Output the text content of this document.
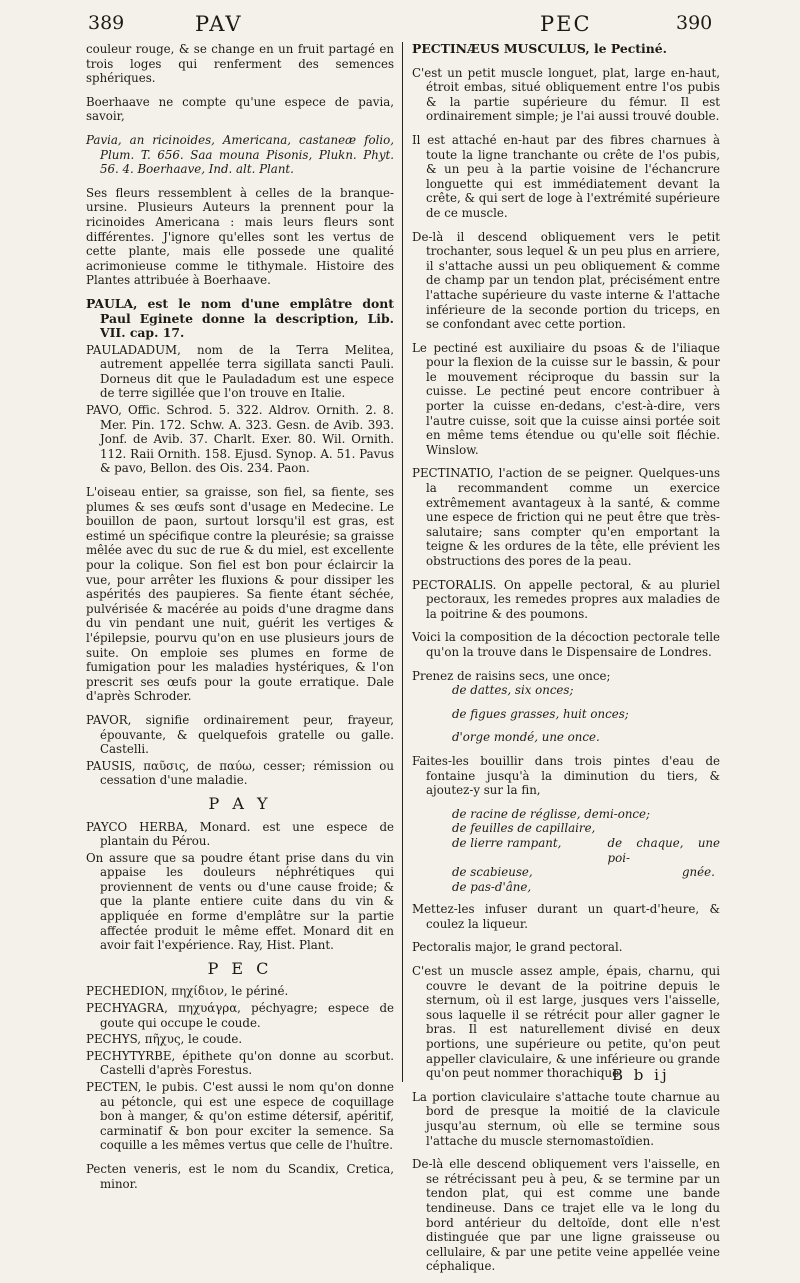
389	PAV	PEC	390

couleur rouge, & se change en un fruit partagé en trois loges qui renferment des semences sphériques.

Boerhaave ne compte qu'une espece de pavia, savoir,

Pavia, an ricinoides, Americana, castaneæ folio, Plum. T. 656. Saa mouna Pisonis, Plukn. Phyt. 56. 4. Boerhaave, Ind. alt. Plant.

Ses fleurs ressemblent à celles de la branque-ursine. Plusieurs Auteurs la prennent pour la ricinoides Americana : mais leurs fleurs sont différentes. J'ignore qu'elles sont les vertus de cette plante, mais elle possede une qualité acrimonieuse comme le tithymale. Histoire des Plantes attribuée à Boerhaave.

PAULA, est le nom d'une emplâtre dont Paul Eginete donne la description, Lib. VII. cap. 17.

PAULADADUM, nom de la Terra Melitea, autrement appellée terra sigillata sancti Pauli. Dorneus dit que le Pauladadum est une espece de terre sigillée que l'on trouve en Italie.

PAVO, Offic. Schrod. 5. 322. Aldrov. Ornith. 2. 8. Mer. Pin. 172. Schw. A. 323. Gesn. de Avib. 393. Jonf. de Avib. 37. Charlt. Exer. 80. Wil. Ornith. 112. Raii Ornith. 158. Ejusd. Synop. A. 51. Pavus & pavo, Bellon. des Ois. 234. Paon.

L'oiseau entier, sa graisse, son fiel, sa fiente, ses plumes & ses œufs sont d'usage en Medecine. Le bouillon de paon, surtout lorsqu'il est gras, est estimé un spécifique contre la pleurésie; sa graisse mêlée avec du suc de rue & du miel, est excellente pour la colique. Son fiel est bon pour éclaircir la vue, pour arrêter les fluxions & pour dissiper les aspérités des paupieres. Sa fiente étant séchée, pulvérisée & macérée au poids d'une dragme dans du vin pendant une nuit, guérit les vertiges & l'épilepsie, pourvu qu'on en use plusieurs jours de suite. On emploie ses plumes en forme de fumigation pour les maladies hystériques, & l'on prescrit ses œufs pour la goute erratique. Dale d'après Schroder.

PAVOR, signifie ordinairement peur, frayeur, épouvante, & quelquefois gratelle ou galle. Castelli.

PAUSIS, παῦσις, de παύω, cesser; rémission ou cessation d'une maladie.

P A Y

PAYCO HERBA, Monard. est une espece de plantain du Pérou.

On assure que sa poudre étant prise dans du vin appaise les douleurs néphrétiques qui proviennent de vents ou d'une cause froide; & que la plante entiere cuite dans du vin & appliquée en forme d'emplâtre sur la partie affectée produit le même effet. Monard dit en avoir fait l'expérience. Ray, Hist. Plant.

P E C

PECHEDION, πηχίδιον, le périné.

PECHYAGRA, πηχυάγρα, péchyagre; espece de goute qui occupe le coude.

PECHYS, πῆχυς, le coude.

PECHYTYRBE, épithete qu'on donne au scorbut. Castelli d'après Forestus.

PECTEN, le pubis. C'est aussi le nom qu'on donne au pétoncle, qui est une espece de coquillage bon à manger, & qu'on estime détersif, apéritif, carminatif & bon pour exciter la semence. Sa coquille a les mêmes vertus que celle de l'huître.

Pecten veneris, est le nom du Scandix, Cretica, minor.

PECTINÆUS MUSCULUS, le Pectiné.

C'est un petit muscle longuet, plat, large en-haut, étroit embas, situé obliquement entre l'os pubis & la partie supérieure du fémur. Il est ordinairement simple; je l'ai aussi trouvé double.

Il est attaché en-haut par des fibres charnues à toute la ligne tranchante ou crête de l'os pubis, & un peu à la partie voisine de l'échancrure longuette qui est immédiatement devant la crête, & qui sert de loge à l'extrémité supérieure de ce muscle.

De-là il descend obliquement vers le petit trochanter, sous lequel & un peu plus en arriere, il s'attache aussi un peu obliquement & comme de champ par un tendon plat, précisément entre l'attache supérieure du vaste interne & l'attache inférieure de la seconde portion du triceps, en se confondant avec cette portion.

Le pectiné est auxiliaire du psoas & de l'iliaque pour la flexion de la cuisse sur le bassin, & pour le mouvement réciproque du bassin sur la cuisse. Le pectiné peut encore contribuer à porter la cuisse en-dedans, c'est-à-dire, vers l'autre cuisse, soit que la cuisse ainsi portée soit en même tems étendue ou qu'elle soit fléchie. Winslow.

PECTINATIO, l'action de se peigner. Quelques-uns la recommandent comme un exercice extrêmement avantageux à la santé, & comme une espece de friction qui ne peut être que très-salutaire; sans compter qu'en emportant la teigne & les ordures de la tête, elle prévient les obstructions des pores de la peau.

PECTORALIS. On appelle pectoral, & au pluriel pectoraux, les remedes propres aux maladies de la poitrine & des poumons.

Voici la composition de la décoction pectorale telle qu'on la trouve dans le Dispensaire de Londres.

Prenez de raisins secs, une once;

de dattes, six onces;

de figues grasses, huit onces;

d'orge mondé, une once.

Faites-les bouillir dans trois pintes d'eau de fontaine jusqu'à la diminution du tiers, & ajoutez-y sur la fin,

de racine de réglisse, demi-once;
de feuilles de capillaire,
de lierre rampant,	de chaque, une poi-
de scabieuse,	gnée.
de pas-d'âne,

Mettez-les infuser durant un quart-d'heure, & coulez la liqueur.

Pectoralis major, le grand pectoral.

C'est un muscle assez ample, épais, charnu, qui couvre le devant de la poitrine depuis le sternum, où il est large, jusques vers l'aisselle, sous laquelle il se rétrécit pour aller gagner le bras. Il est naturellement divisé en deux portions, une supérieure ou petite, qu'on peut appeller claviculaire, & une inférieure ou grande qu'on peut nommer thorachique.

La portion claviculaire s'attache toute charnue au bord de presque la moitié de la clavicule jusqu'au sternum, où elle se termine sous l'attache du muscle sternomastoïdien.

De-là elle descend obliquement vers l'aisselle, en se rétrécissant peu à peu, & se termine par un tendon plat, qui est comme une bande tendineuse. Dans ce trajet elle va le long du bord antérieur du deltoïde, dont elle n'est distinguée que par une ligne graisseuse ou cellulaire, & par une petite veine appellée veine céphalique.

B b ij
